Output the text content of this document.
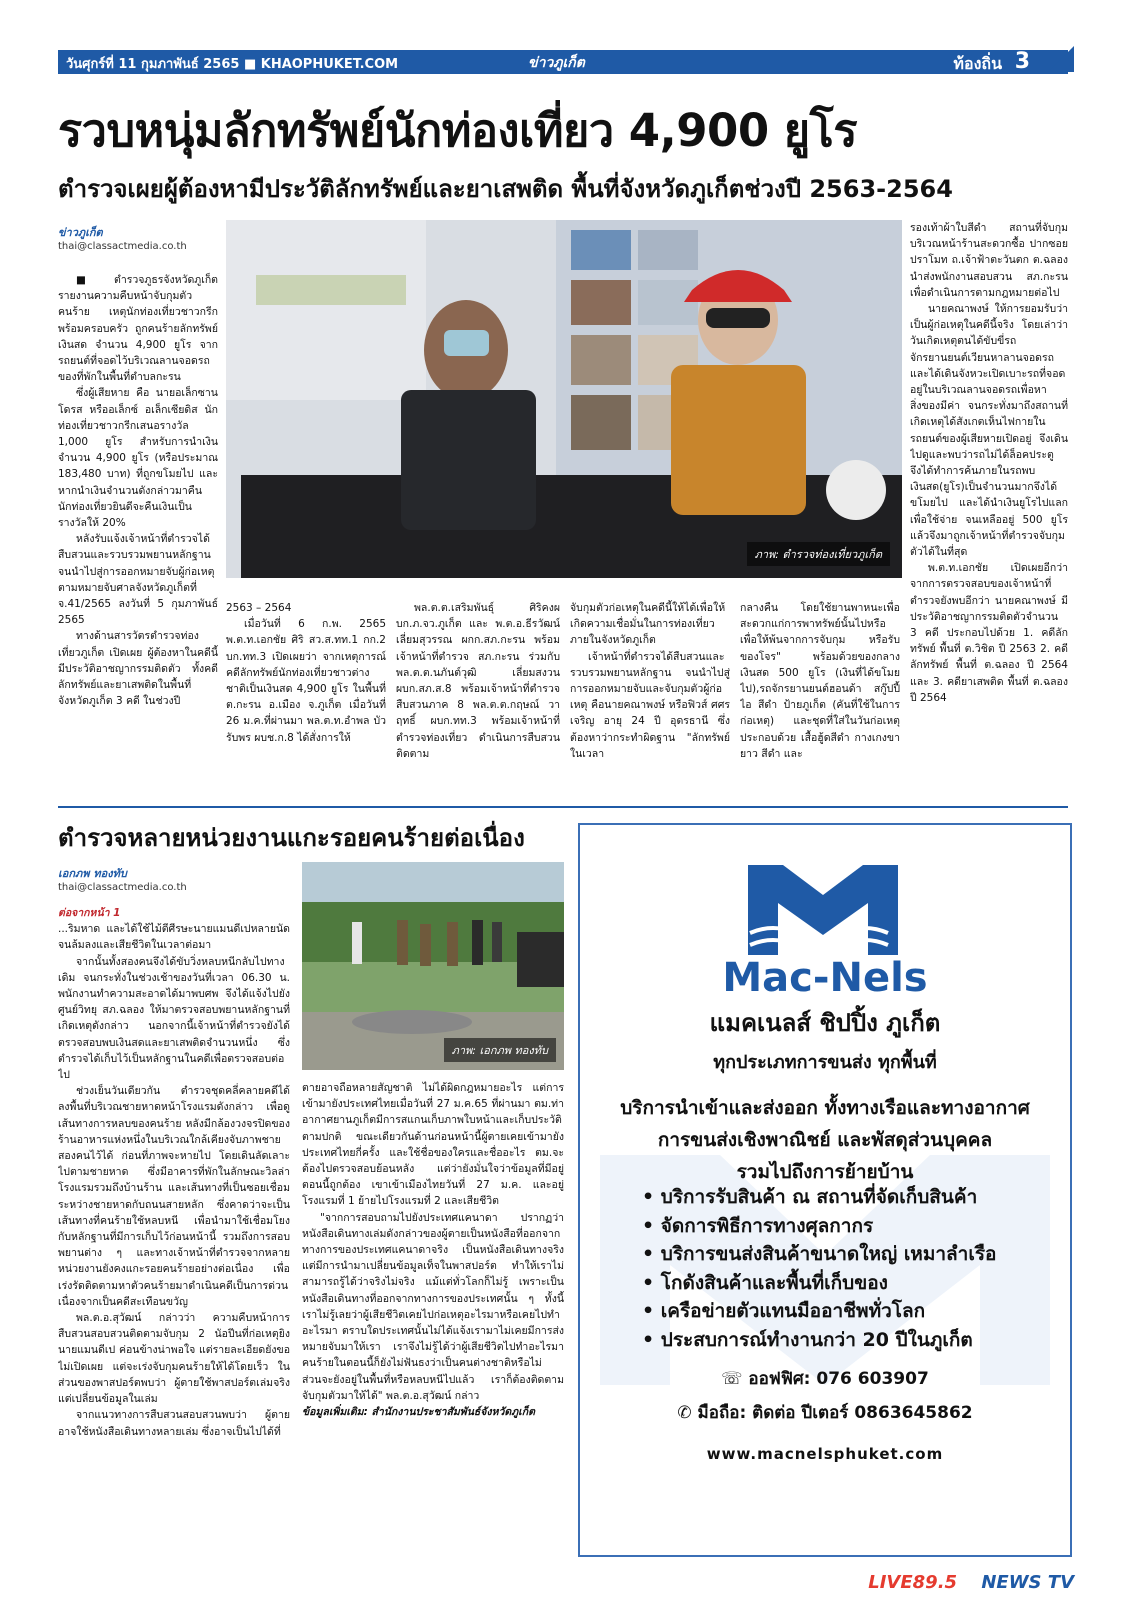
วันศุกร์ที่ 11 กุมภาพันธ์ 2565 ■ KHAOPHUKET.COM	ข่าวภูเก็ต	ท้องถิ่น 3
รวบหนุ่มลักทรัพย์นักท่องเที่ยว 4,900 ยูโร
ตำรวจเผยผู้ต้องหามีประวัติลักทรัพย์และยาเสพติด พื้นที่จังหวัดภูเก็ตช่วงปี 2563-2564
ข่าวภูเก็ต
thai@classactmedia.co.th

■ ตำรวจภูธรจังหวัดภูเก็ต รายงานความคืบหน้าจับกุมตัวคนร้าย เหตุนักท่องเที่ยวชาวกรีกพร้อมครอบครัว ถูกคนร้ายลักทรัพย์ เงินสด จำนวน 4,900 ยูโร จากรถยนต์ที่จอดไว้บริเวณลานจอดรถของที่พักในพื้นที่ตำบลกะรน

ซึ่งผู้เสียหาย คือ นายอเล็กซานโดรส หรืออเล็กซ์ อเล็กเซียดิส นักท่องเที่ยวชาวกรีกเสนอรางวัล 1,000 ยูโร สำหรับการนำเงินจำนวน 4,900 ยูโร (หรือประมาณ 183,480 บาท) ที่ถูกขโมยไป และหากนำเงินจำนวนดังกล่าวมาคืน นักท่องเที่ยวยินดีจะคืนเงินเป็นรางวัลให้ 20%

หลังรับแจ้งเจ้าหน้าที่ตำรวจได้สืบสวนและรวบรวมพยานหลักฐาน จนนำไปสู่การออกหมายจับผู้ก่อเหตุ ตามหมายจับศาลจังหวัดภูเก็ตที่ จ.41/2565 ลงวันที่ 5 กุมภาพันธ์ 2565

ทางด้านสารวัตรตำรวจท่องเที่ยวภูเก็ต เปิดเผย ผู้ต้องหาในคดีนี้มีประวัติอาชญากรรมติดตัว ทั้งคดีลักทรัพย์และยาเสพติดในพื้นที่จังหวัดภูเก็ต 3 คดี ในช่วงปี

ภาพ: ตำรวจท่องเที่ยวภูเก็ต

2563 – 2564

เมื่อวันที่ 6 ก.พ. 2565 พ.ต.ท.เอกชัย ศิริ สว.ส.ทท.1 กก.2 บก.ทท.3 เปิดเผยว่า จากเหตุการณ์คดีลักทรัพย์นักท่องเที่ยวชาวต่างชาติเป็นเงินสด 4,900 ยูโร ในพื้นที่ ต.กะรน อ.เมือง จ.ภูเก็ต เมื่อวันที่ 26 ม.ค.ที่ผ่านมา พล.ต.ท.อำพล บัวรับพร ผบช.ก.8 ได้สั่งการให้

พล.ต.ต.เสริมพันธุ์ ศิริคงผบก.ภ.จว.ภูเก็ต และ พ.ต.อ.ธีรวัฒน์ เลี่ยมสุวรรณ ผกก.สภ.กะรน พร้อมเจ้าหน้าที่ตำรวจ สภ.กะรน ร่วมกับ พล.ต.ต.นภันต์วุฒิ เลี่ยมสงวน ผบก.สภ.ส.8 พร้อมเจ้าหน้าที่ตำรวจสืบสวนภาค 8 พล.ต.ต.กฤษณ์ วาฤทธิ์ ผบก.ทท.3 พร้อมเจ้าหน้าที่ตำรวจท่องเที่ยว ดำเนินการสืบสวนติดตาม

จับกุมตัวก่อเหตุในคดีนี้ให้ได้เพื่อให้เกิดความเชื่อมั่นในการท่องเที่ยวภายในจังหวัดภูเก็ต

เจ้าหน้าที่ตำรวจได้สืบสวนและรวบรวมพยานหลักฐาน จนนำไปสู่การออกหมายจับและจับกุมตัวผู้ก่อเหตุ คือนายคณาพงษ์ หรือฟิวส์ ศศรเจริญ อายุ 24 ปี อุดรธานี ซึ่งต้องหาว่ากระทำผิดฐาน "ลักทรัพย์ในเวลา

กลางคืน โดยใช้ยานพาหนะเพื่อสะดวกแก่การพาทรัพย์นั้นไปหรือเพื่อให้พ้นจากการจับกุม หรือรับของโจร" พร้อมด้วยของกลาง เงินสด 500 ยูโร (เงินที่ได้ขโมยไป),รถจักรยานยนต์ฮอนด้า สกู๊ปปี้ ไอ สีดำ ป้ายภูเก็ต (คันที่ใช้ในการก่อเหตุ) และชุดที่ใส่ในวันก่อเหตุประกอบด้วย เสื้อฮู้ดสีดำ กางเกงขายาว สีดำ และ

รองเท้าผ้าใบสีดำ สถานที่จับกุม บริเวณหน้าร้านสะดวกซื้อ ปากซอยปราโมท ถ.เจ้าฟ้าตะวันตก ต.ฉลอง นำส่งพนักงานสอบสวน สภ.กะรน เพื่อดำเนินการตามกฎหมายต่อไป

นายคณาพงษ์ ให้การยอมรับว่าเป็นผู้ก่อเหตุในคดีนี้จริง โดยเล่าว่า วันเกิดเหตุตนได้ขับขี่รถจักรยานยนต์เวียนหาลานจอดรถและได้เดินจังหวะเปิดเบาะรถที่จอดอยู่ในบริเวณลานจอดรถเพื่อหาสิ่งของมีค่า จนกระทั่งมาถึงสถานที่เกิดเหตุได้สังเกตเห็นไฟกายในรถยนต์ของผู้เสียหายเปิดอยู่ จึงเดินไปดูและพบว่ารถไม่ได้ล็อคประตู จึงได้ทำการค้นภายในรถพบเงินสด(ยูโร)เป็นจำนวนมากจึงได้ขโมยไป และได้นำเงินยูโรไปแลกเพื่อใช้จ่าย จนเหลืออยู่ 500 ยูโร แล้วจึงมาถูกเจ้าหน้าที่ตำรวจจับกุมตัวได้ในที่สุด

พ.ต.ท.เอกชัย เปิดเผยอีกว่า จากการตรวจสอบของเจ้าหน้าที่ตำรวจยังพบอีกว่า นายคณาพงษ์ มีประวัติอาชญากรรมติดตัวจำนวน 3 คดี ประกอบไปด้วย 1. คดีลักทรัพย์ พื้นที่ ต.วิชิต ปี 2563 2. คดีลักทรัพย์ พื้นที่ ต.ฉลอง ปี 2564 และ 3. คดียาเสพติด พื้นที่ ต.ฉลอง ปี 2564

ตำรวจหลายหน่วยงานแกะรอยคนร้ายต่อเนื่อง
เอกภพ ทองทับ
thai@classactmedia.co.th

ต่อจากหน้า 1

...ริมหาด และได้ใช้ไม้ตีศีรษะนายแมนดีเปหลายนัด จนล้มลงและเสียชีวิตในเวลาต่อมา

จากนั้นทั้งสองคนจึงได้ขับวิ่งหลบหนีกลับไปทางเดิม จนกระทั่งในช่วงเช้าของวันที่เวลา 06.30 น. พนักงานทำความสะอาดได้มาพบศพ จึงได้แจ้งไปยังศูนย์วิทยุ สภ.ฉลอง ให้มาตรวจสอบพยานหลักฐานที่เกิดเหตุดังกล่าว นอกจากนี้เจ้าหน้าที่ตำรวจยังได้ตรวจสอบพบเงินสดและยาเสพติดจำนวนหนึ่ง ซึ่งตำรวจได้เก็บไว้เป็นหลักฐานในคดีเพื่อตรวจสอบต่อไป

ช่วงเย็นวันเดียวกัน ตำรวจชุดคลี่คลายคดีได้ลงพื้นที่บริเวณชายหาดหน้าโรงแรมดังกล่าว เพื่อดูเส้นทางการหลบของคนร้าย หลังมีกล้องวงจรปิดของร้านอาหารแห่งหนึ่งในบริเวณใกล้เคียงจับภาพชายสองคนไว้ได้ ก่อนที่ภาพจะหายไป โดยเดินลัดเลาะไปตามชายหาด ซึ่งมีอาคารที่พักในลักษณะวิลล่าโรงแรมรวมถึงบ้านร้าน และเส้นทางที่เป็นซอยเชื่อมระหว่างชายหาดกับถนนสายหลัก ซึ่งคาดว่าจะเป็นเส้นทางที่คนร้ายใช้หลบหนี เพื่อนำมาใช้เชื่อมโยงกับหลักฐานที่มีการเก็บไว้ก่อนหน้านี้ รวมถึงการสอบพยานต่าง ๆ และทางเจ้าหน้าที่ตำรวจจากหลายหน่วยงานยังคงแกะรอยคนร้ายอย่างต่อเนื่อง เพื่อเร่งรัดติดตามหาตัวคนร้ายมาดำเนินคดีเป็นการด่วน เนื่องจากเป็นคดีสะเทือนขวัญ

พล.ต.อ.สุวัฒน์ กล่าวว่า ความคืบหน้าการสืบสวนสอบสวนติดตามจับกุม 2 นัอปีนที่ก่อเหตุยิงนายแมนดีเป ค่อนข้างน่าพอใจ แต่รายละเอียดยังขอไม่เปิดเผย แต่จะเร่งจับกุมคนร้ายให้ได้โดยเร็ว ในส่วนของพาสปอร์ตพบว่า ผู้ตายใช้พาสปอร์ตเล่มจริง แต่เปลี่ยนข้อมูลในเล่ม

จากแนวทางการสืบสวนสอบสวนพบว่า ผู้ตายอาจใช้หนังสือเดินทางหลายเล่ม ซึ่งอาจเป็นไปได้ที่

ภาพ: เอกภพ ทองทับ

ตายอาจถือหลายสัญชาติ ไม่ได้ผิดกฎหมายอะไร แต่การเข้ามายังประเทศไทยเมื่อวันที่ 27 ม.ค.65 ที่ผ่านมา ตม.ท่าอากาศยานภูเก็ตมีการสแกนเก็บภาพใบหน้าและเก็บประวัติตามปกติ ขณะเดียวกันด้านก่อนหน้านี้ผู้ตายเคยเข้ามายังประเทศไทยกี่ครั้ง และใช้ชื่อของใครและชื่ออะไร ตม.จะต้องไปตรวจสอบย้อนหลัง แต่ว่ายังมั่นใจว่าข้อมูลที่มีอยู่ตอนนี้ถูกต้อง เขาเข้าเมืองไทยวันที่ 27 ม.ค. และอยู่โรงแรมที่ 1 ย้ายไปโรงแรมที่ 2 และเสียชีวิต

"จากการสอบถามไปยังประเทศแคนาดา ปรากฏว่าหนังสือเดินทางเล่มดังกล่าวของผู้ตายเป็นหนังสือที่ออกจากทางการของประเทศแคนาดาจริง เป็นหนังสือเดินทางจริง แต่มีการนำมาเปลี่ยนข้อมูลเท็จในพาสปอร์ต ทำให้เราไม่สามารถรู้ได้ว่าจริงไม่จริง แม้แต่ทั่วโลกก็ไม่รู้ เพราะเป็นหนังสือเดินทางที่ออกจากทางการของประเทศนั้น ๆ ทั้งนี้เราไม่รู้เลยว่าผู้เสียชีวิตเคยไปก่อเหตุอะไรมาหรือเคยไปทำอะไรมา ตราบใดประเทศนั้นไม่ได้แจ้งเรามาไม่เคยมีการส่งหมายจับมาให้เรา เราจึงไม่รู้ได้ว่าผู้เสียชีวิตไปทำอะไรมา คนร้ายในตอนนี้ก็ยังไม่ฟันธงว่าเป็นคนต่างชาติหรือไม่ ส่วนจะยังอยู่ในพื้นที่หรือหลบหนีไปแล้ว เราก็ต้องติดตามจับกุมตัวมาให้ได้" พล.ต.อ.สุวัฒน์ กล่าว

ข้อมูลเพิ่มเติม: สำนักงานประชาสัมพันธ์จังหวัดภูเก็ต

Mac-Nels
แมคเนลส์ ชิปปิ้ง ภูเก็ต
ทุกประเภทการขนส่ง ทุกพื้นที่
บริการนำเข้าและส่งออก ทั้งทางเรือและทางอากาศ
การขนส่งเชิงพาณิชย์ และพัสดุส่วนบุคคล
รวมไปถึงการย้ายบ้าน
• บริการรับสินค้า ณ สถานที่จัดเก็บสินค้า
• จัดการพิธีการทางศุลกากร
• บริการขนส่งสินค้าขนาดใหญ่ เหมาลำเรือ
• โกดังสินค้าและพื้นที่เก็บของ
• เครือข่ายตัวแทนมืออาชีพทั่วโลก
• ประสบการณ์ทำงานกว่า 20 ปีในภูเก็ต
☏ ออฟฟิศ: 076 603907
✆ มือถือ: ติดต่อ ปีเตอร์ 0863645862
www.macnelsphuket.com
LIVE89.5 NEWS TV
